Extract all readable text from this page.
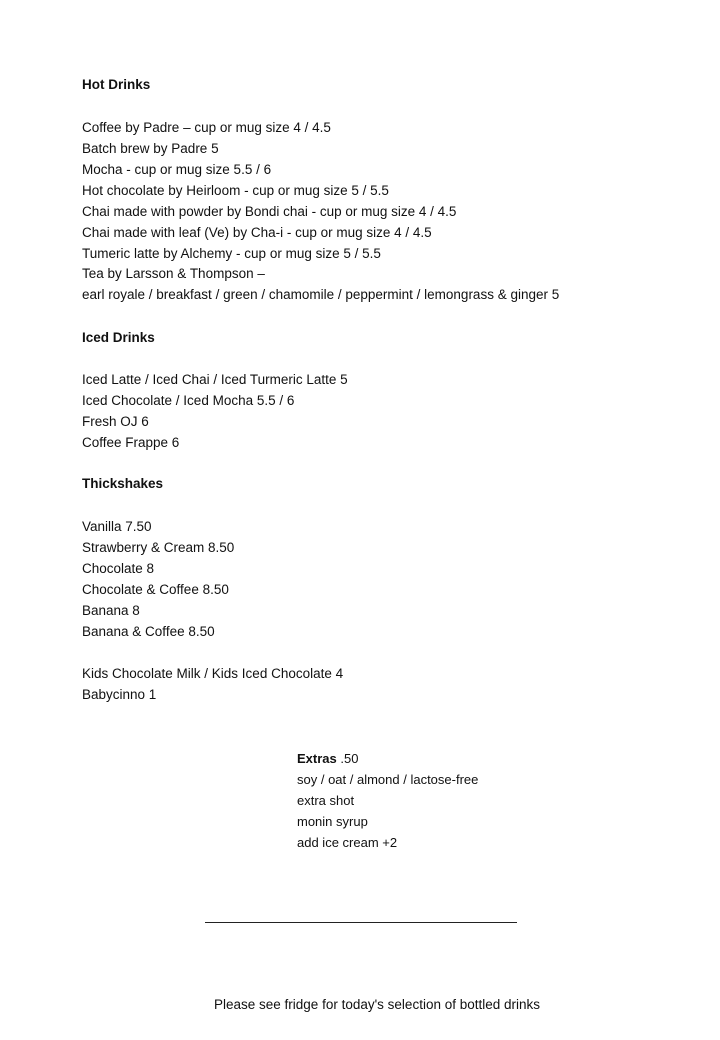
Hot Drinks
Coffee by Padre – cup or mug size 4 / 4.5
Batch brew by Padre 5
Mocha - cup or mug size 5.5 / 6
Hot chocolate by Heirloom - cup or mug size 5 / 5.5
Chai made with powder by Bondi chai - cup or mug size 4 / 4.5
Chai made with leaf (Ve) by Cha-i - cup or mug size 4 / 4.5
Tumeric latte by Alchemy - cup or mug size 5 / 5.5
Tea by Larsson & Thompson –
earl royale / breakfast / green / chamomile / peppermint / lemongrass & ginger 5
Iced Drinks
Iced Latte / Iced Chai / Iced Turmeric Latte 5
Iced Chocolate / Iced Mocha 5.5 / 6
Fresh OJ 6
Coffee Frappe 6
Thickshakes
Vanilla 7.50
Strawberry & Cream 8.50
Chocolate 8
Chocolate & Coffee 8.50
Banana 8
Banana & Coffee 8.50
Kids Chocolate Milk / Kids Iced Chocolate 4
Babycinno 1
Extras .50
soy / oat / almond / lactose-free
extra shot
monin syrup
add ice cream +2
Please see fridge for today's selection of bottled drinks
